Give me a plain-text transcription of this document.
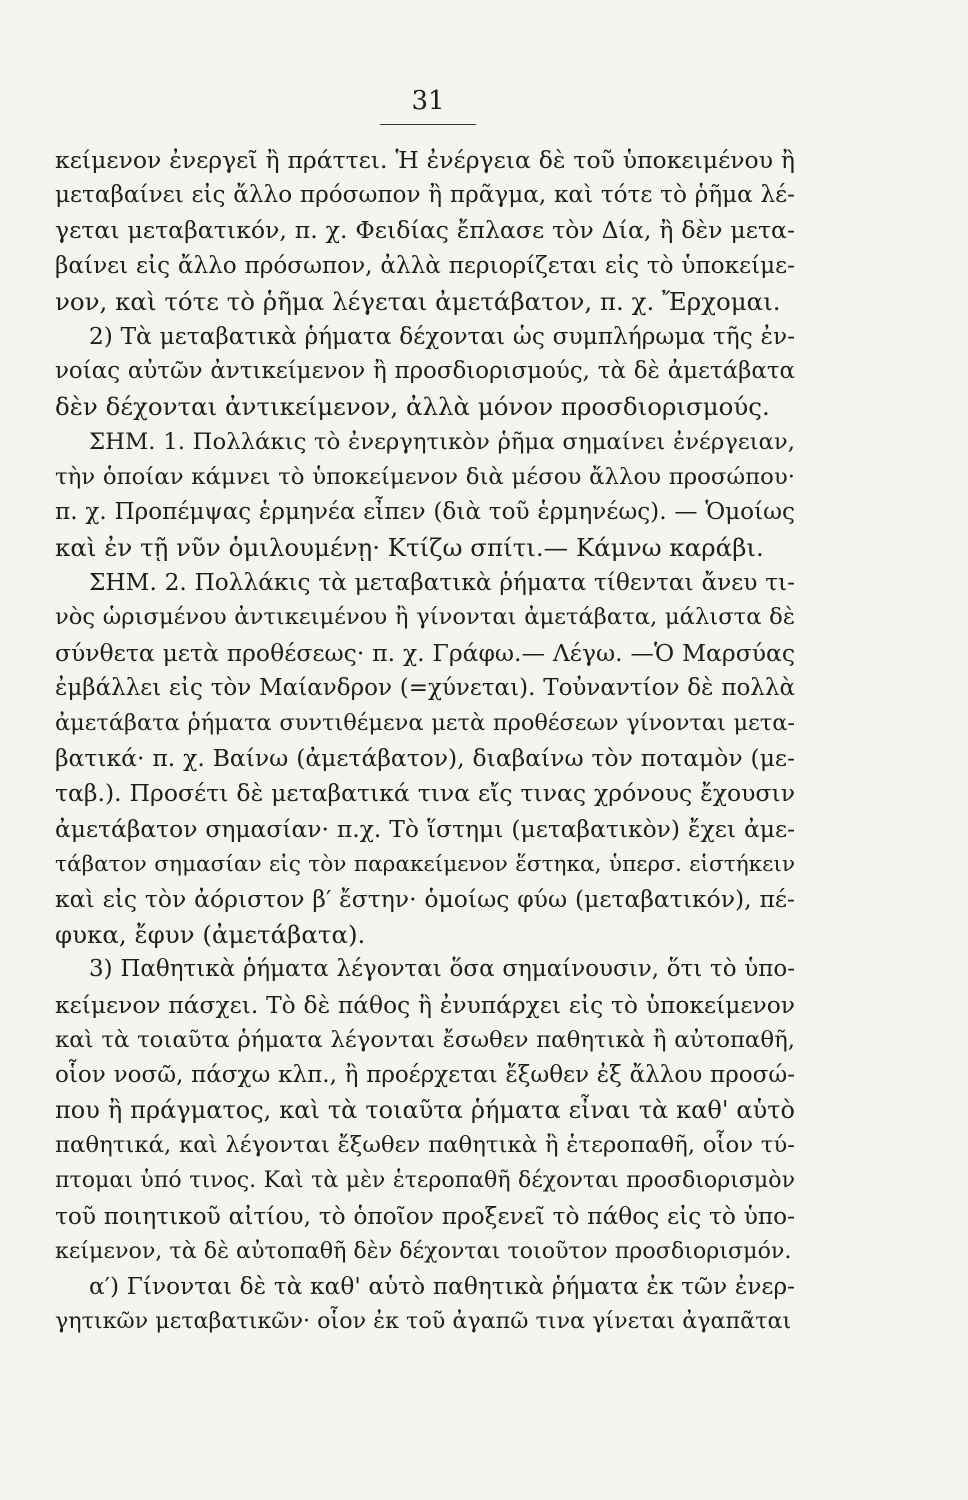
31
κείμενον ἐνεργεῖ ἢ πράττει. Ἡ ἐνέργεια δὲ τοῦ ὑποκειμένου ἢ
μεταβαίνει εἰς ἄλλο πρόσωπον ἢ πρᾶγμα, καὶ τότε τὸ ῥῆμα λέ-
γεται μεταβατικόν, π. χ. Φειδίας ἔπλασε τὸν Δία, ἢ δὲν μετα-
βαίνει εἰς ἄλλο πρόσωπον, ἀλλὰ περιορίζεται εἰς τὸ ὑποκείμε-
νον, καὶ τότε τὸ ῥῆμα λέγεται ἀμετάβατον, π. χ. Ἔρχομαι.
2) Τὰ μεταβατικὰ ῥήματα δέχονται ὡς συμπλήρωμα τῆς ἐν-
νοίας αὐτῶν ἀντικείμενον ἢ προσδιορισμούς, τὰ δὲ ἀμετάβατα
δὲν δέχονται ἀντικείμενον, ἀλλὰ μόνον προσδιορισμούς.
ΣΗΜ. 1. Πολλάκις τὸ ἐνεργητικὸν ῥῆμα σημαίνει ἐνέργειαν,
τὴν ὁποίαν κάμνει τὸ ὑποκείμενον διὰ μέσου ἄλλου προσώπου·
π. χ. Προπέμψας ἑρμηνέα εἶπεν (διὰ τοῦ ἑρμηνέως). — Ὁμοίως
καὶ ἐν τῇ νῦν ὁμιλουμένῃ· Κτίζω σπίτι.— Κάμνω καράβι.
ΣΗΜ. 2. Πολλάκις τὰ μεταβατικὰ ῥήματα τίθενται ἄνευ τι-
νὸς ὡρισμένου ἀντικειμένου ἢ γίνονται ἀμετάβατα, μάλιστα δὲ
σύνθετα μετὰ προθέσεως· π. χ. Γράφω.— Λέγω. —Ὁ Μαρσύας
ἐμβάλλει εἰς τὸν Μαίανδρον (=χύνεται). Τοὐναντίον δὲ πολλὰ
ἀμετάβατα ῥήματα συντιθέμενα μετὰ προθέσεων γίνονται μετα-
βατικά· π. χ. Βαίνω (ἀμετάβατον), διαβαίνω τὸν ποταμὸν (με-
ταβ.). Προσέτι δὲ μεταβατικά τινα εἴς τινας χρόνους ἔχουσιν
ἀμετάβατον σημασίαν· π.χ. Τὸ ἵστημι (μεταβατικὸν) ἔχει ἀμε-
τάβατον σημασίαν εἰς τὸν παρακείμενον ἕστηκα, ὑπερσ. εἱστήκειν
καὶ εἰς τὸν ἀόριστον β′ ἔστην· ὁμοίως φύω (μεταβατικόν), πέ-
φυκα, ἔφυν (ἀμετάβατα).
3) Παθητικὰ ῥήματα λέγονται ὅσα σημαίνουσιν, ὅτι τὸ ὑπο-
κείμενον πάσχει. Τὸ δὲ πάθος ἢ ἐνυπάρχει εἰς τὸ ὑποκείμενον
καὶ τὰ τοιαῦτα ῥήματα λέγονται ἔσωθεν παθητικὰ ἢ αὐτοπαθῆ,
οἷον νοσῶ, πάσχω κλπ., ἢ προέρχεται ἔξωθεν ἐξ ἄλλου προσώ-
που ἢ πράγματος, καὶ τὰ τοιαῦτα ῥήματα εἶναι τὰ καθ' αὑτὸ
παθητικά, καὶ λέγονται ἔξωθεν παθητικὰ ἢ ἑτεροπαθῆ, οἷον τύ-
πτομαι ὑπό τινος. Καὶ τὰ μὲν ἑτεροπαθῆ δέχονται προσδιορισμὸν
τοῦ ποιητικοῦ αἰτίου, τὸ ὁποῖον προξενεῖ τὸ πάθος εἰς τὸ ὑπο-
κείμενον, τὰ δὲ αὐτοπαθῆ δὲν δέχονται τοιοῦτον προσδιορισμόν.
α′) Γίνονται δὲ τὰ καθ' αὑτὸ παθητικὰ ῥήματα ἐκ τῶν ἐνερ-
γητικῶν μεταβατικῶν· οἷον ἐκ τοῦ ἀγαπῶ τινα γίνεται ἀγαπᾶται
